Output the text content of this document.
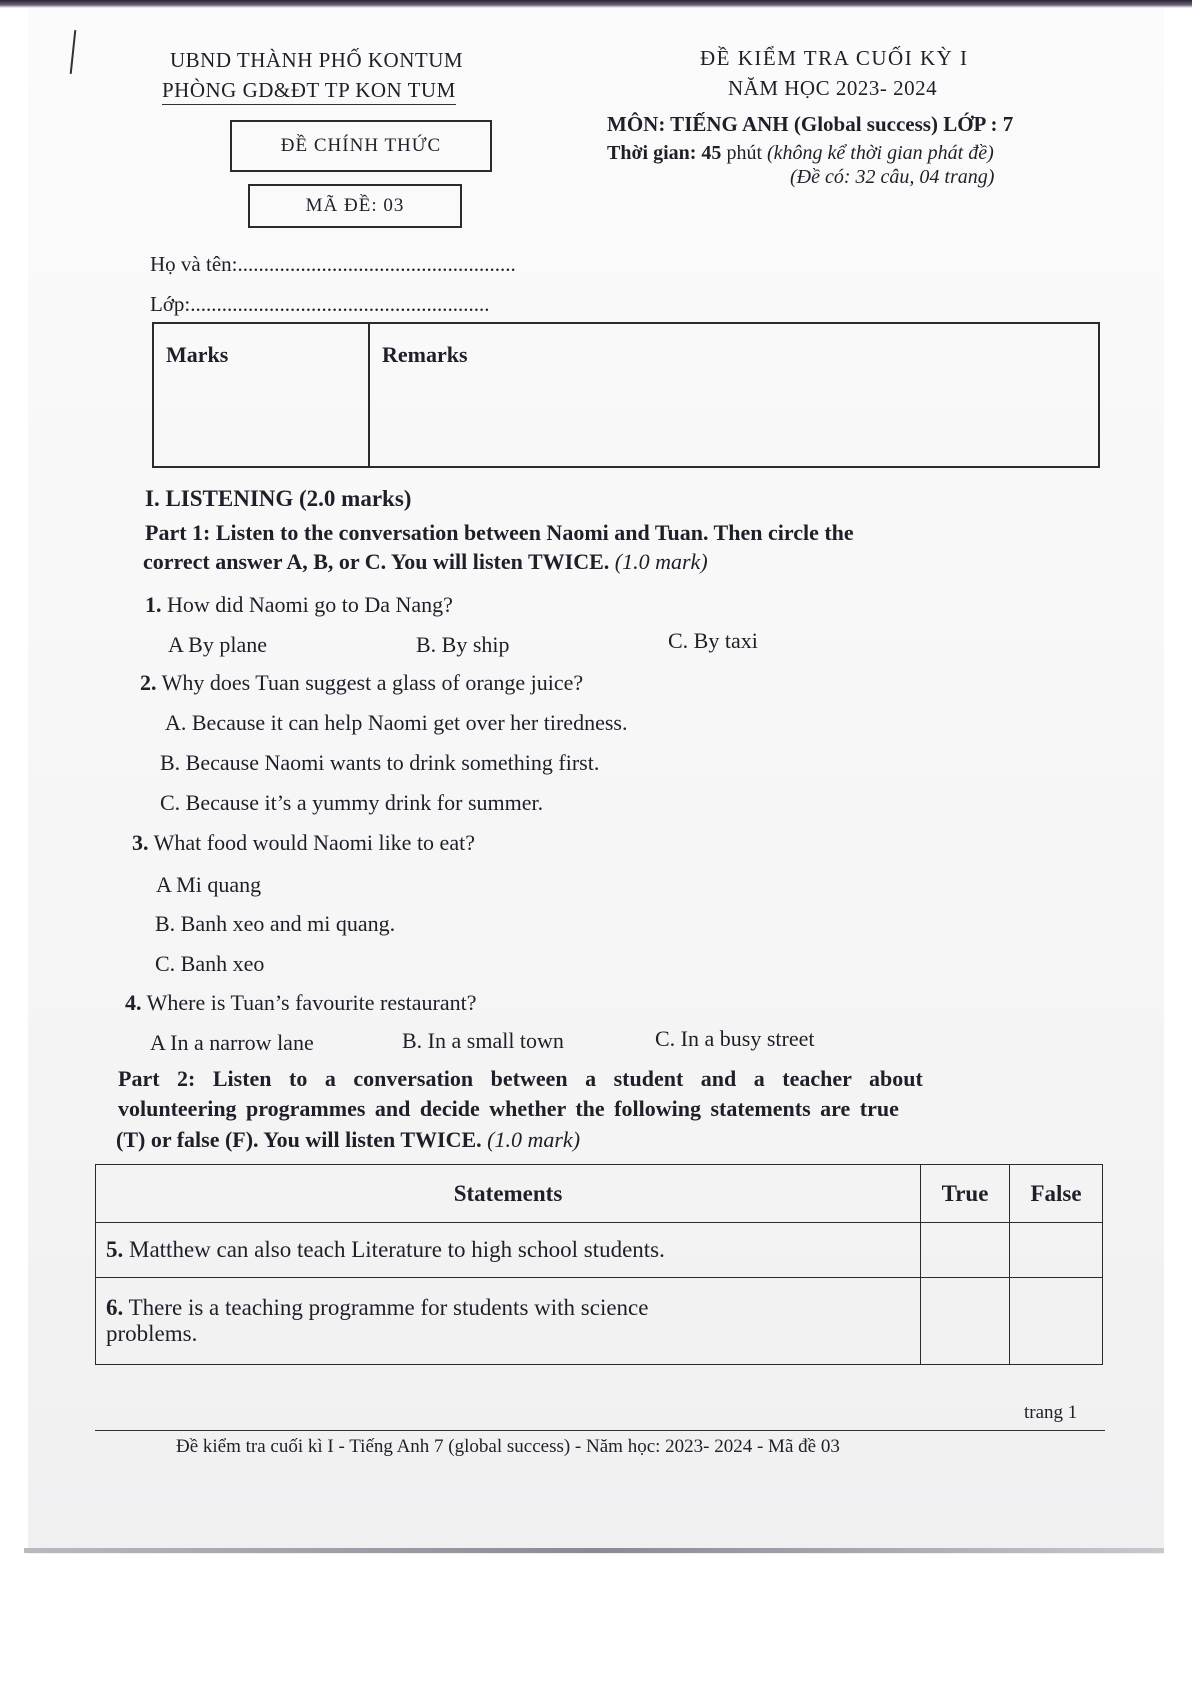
UBND THÀNH PHỐ KONTUM
PHÒNG GD&ĐT TP KON TUM
ĐỀ CHÍNH THỨC
MÃ ĐỀ: 03
ĐỀ KIỂM TRA CUỐI KỲ I
NĂM HỌC 2023- 2024
MÔN: TIẾNG ANH (Global success) LỚP : 7
Thời gian: 45 phút (không kể thời gian phát đề)
(Đề có: 32 câu, 04 trang)
Họ và tên:.....................................................
Lớp:.........................................................
Marks	Remarks
I. LISTENING (2.0 marks)
Part 1: Listen to the conversation between Naomi and Tuan. Then circle the
correct answer A, B, or C. You will listen TWICE. (1.0 mark)
1. How did Naomi go to Da Nang?
A By plane	B. By ship	C. By taxi
2. Why does Tuan suggest a glass of orange juice?
A. Because it can help Naomi get over her tiredness.
B. Because Naomi wants to drink something first.
C. Because it’s a yummy drink for summer.
3. What food would Naomi like to eat?
A Mi quang
B. Banh xeo and mi quang.
C. Banh xeo
4. Where is Tuan’s favourite restaurant?
A In a narrow lane	B. In a small town	C. In a busy street
Part 2: Listen to a conversation between a student and a teacher about
volunteering programmes and decide whether the following statements are true
(T) or false (F). You will listen TWICE. (1.0 mark)
Statements	True	False
5. Matthew can also teach Literature to high school students.		
6. There is a teaching programme for students with science
problems.		
trang 1
Đề kiểm tra cuối kì I - Tiếng Anh 7 (global success) - Năm học: 2023- 2024 - Mã đề 03
